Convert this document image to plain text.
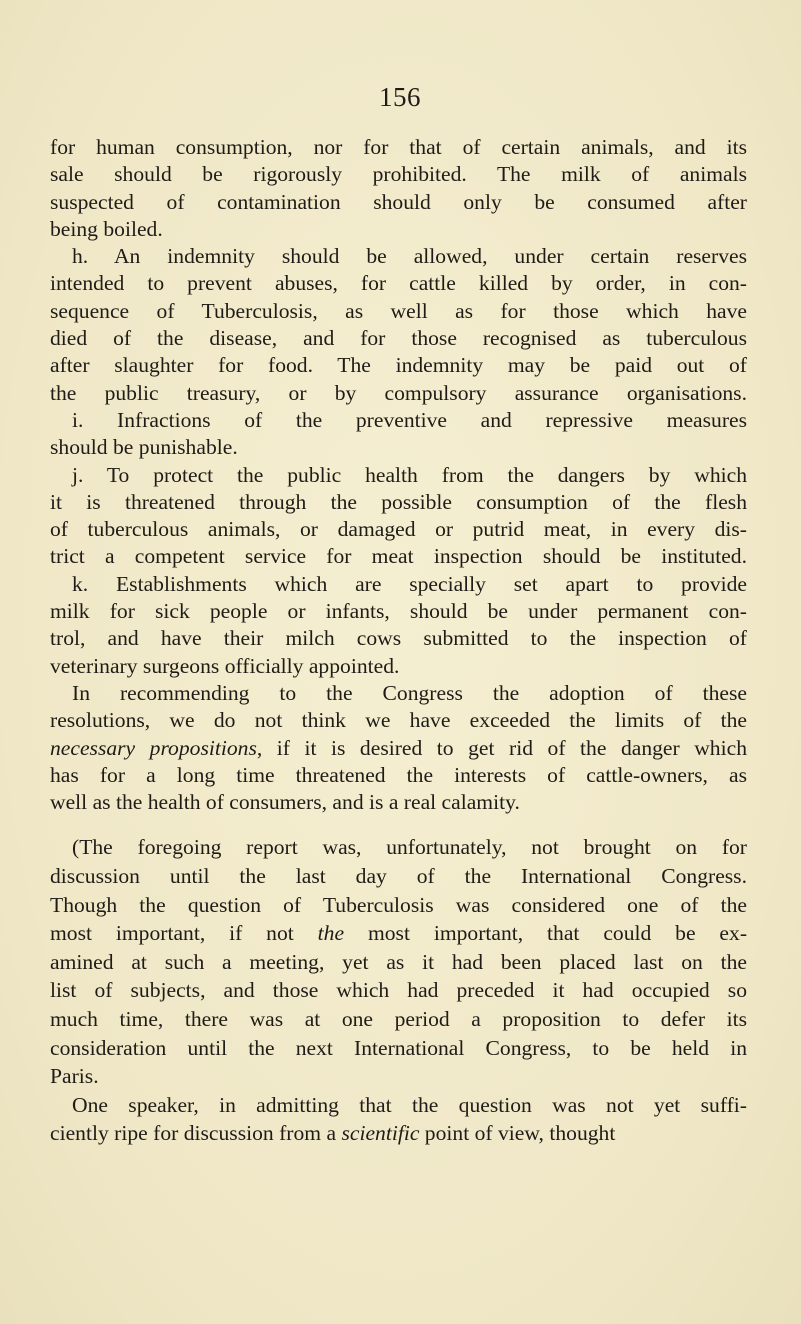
156

for human consumption, nor for that of certain animals, and its

sale should be rigorously prohibited. The milk of animals

suspected of contamination should only be consumed after

being boiled.

h. An indemnity should be allowed, under certain reserves

intended to prevent abuses, for cattle killed by order, in con-

sequence of Tuberculosis, as well as for those which have

died of the disease, and for those recognised as tuberculous

after slaughter for food. The indemnity may be paid out of

the public treasury, or by compulsory assurance organisations.

i. Infractions of the preventive and repressive measures

should be punishable.

j. To protect the public health from the dangers by which

it is threatened through the possible consumption of the flesh

of tuberculous animals, or damaged or putrid meat, in every dis-

trict a competent service for meat inspection should be instituted.

k. Establishments which are specially set apart to provide

milk for sick people or infants, should be under permanent con-

trol, and have their milch cows submitted to the inspection of

veterinary surgeons officially appointed.

In recommending to the Congress the adoption of these

resolutions, we do not think we have exceeded the limits of the

necessary propositions, if it is desired to get rid of the danger which

has for a long time threatened the interests of cattle-owners, as

well as the health of consumers, and is a real calamity.

(The foregoing report was, unfortunately, not brought on for

discussion until the last day of the International Congress.

Though the question of Tuberculosis was considered one of the

most important, if not the most important, that could be ex-

amined at such a meeting, yet as it had been placed last on the

list of subjects, and those which had preceded it had occupied so

much time, there was at one period a proposition to defer its

consideration until the next International Congress, to be held in

Paris.

One speaker, in admitting that the question was not yet suffi-

ciently ripe for discussion from a scientific point of view, thought
